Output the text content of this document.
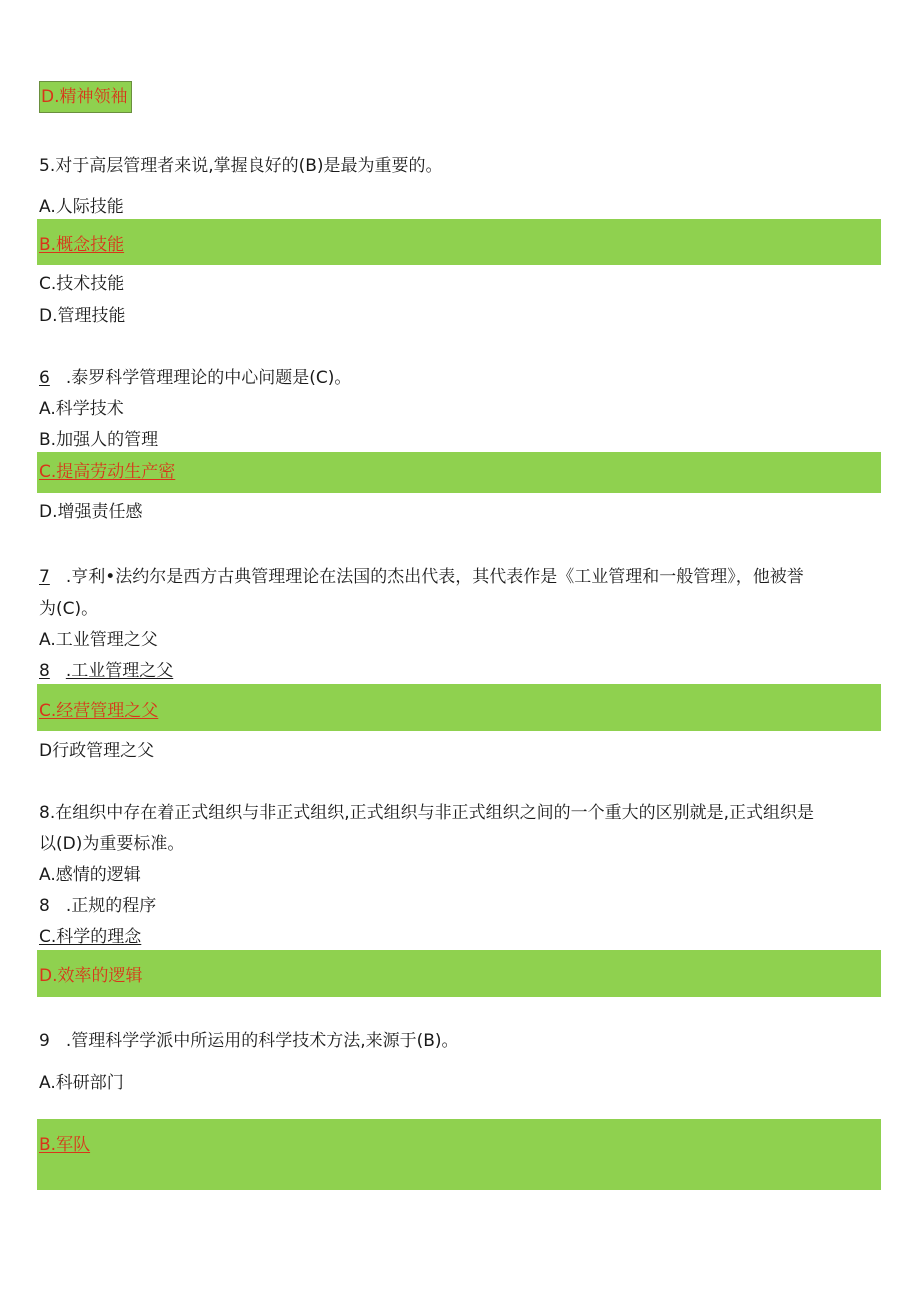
D.精神领袖
5.对于高层管理者来说,掌握良好的(B)是最为重要的。
A.人际技能
B.概念技能
C.技术技能
D.管理技能
6 .泰罗科学管理理论的中心问题是(C)。
A.科学技术
B.加强人的管理
C.提高劳动生产密
D.增强责任感
7 .亨利•法约尔是西方古典管理理论在法国的杰出代表，其代表作是《工业管理和一般管理》，他被誉
为(C)。
A.工业管理之父
8 .工业管理之父
C.经营管理之父
D行政管理之父
8.在组织中存在着正式组织与非正式组织,正式组织与非正式组织之间的一个重大的区别就是,正式组织是
以(D)为重要标准。
A.感情的逻辑
8 .正规的程序
C.科学的理念
D.效率的逻辑
9 .管理科学学派中所运用的科学技术方法,来源于(B)。
A.科研部门
B.军队
